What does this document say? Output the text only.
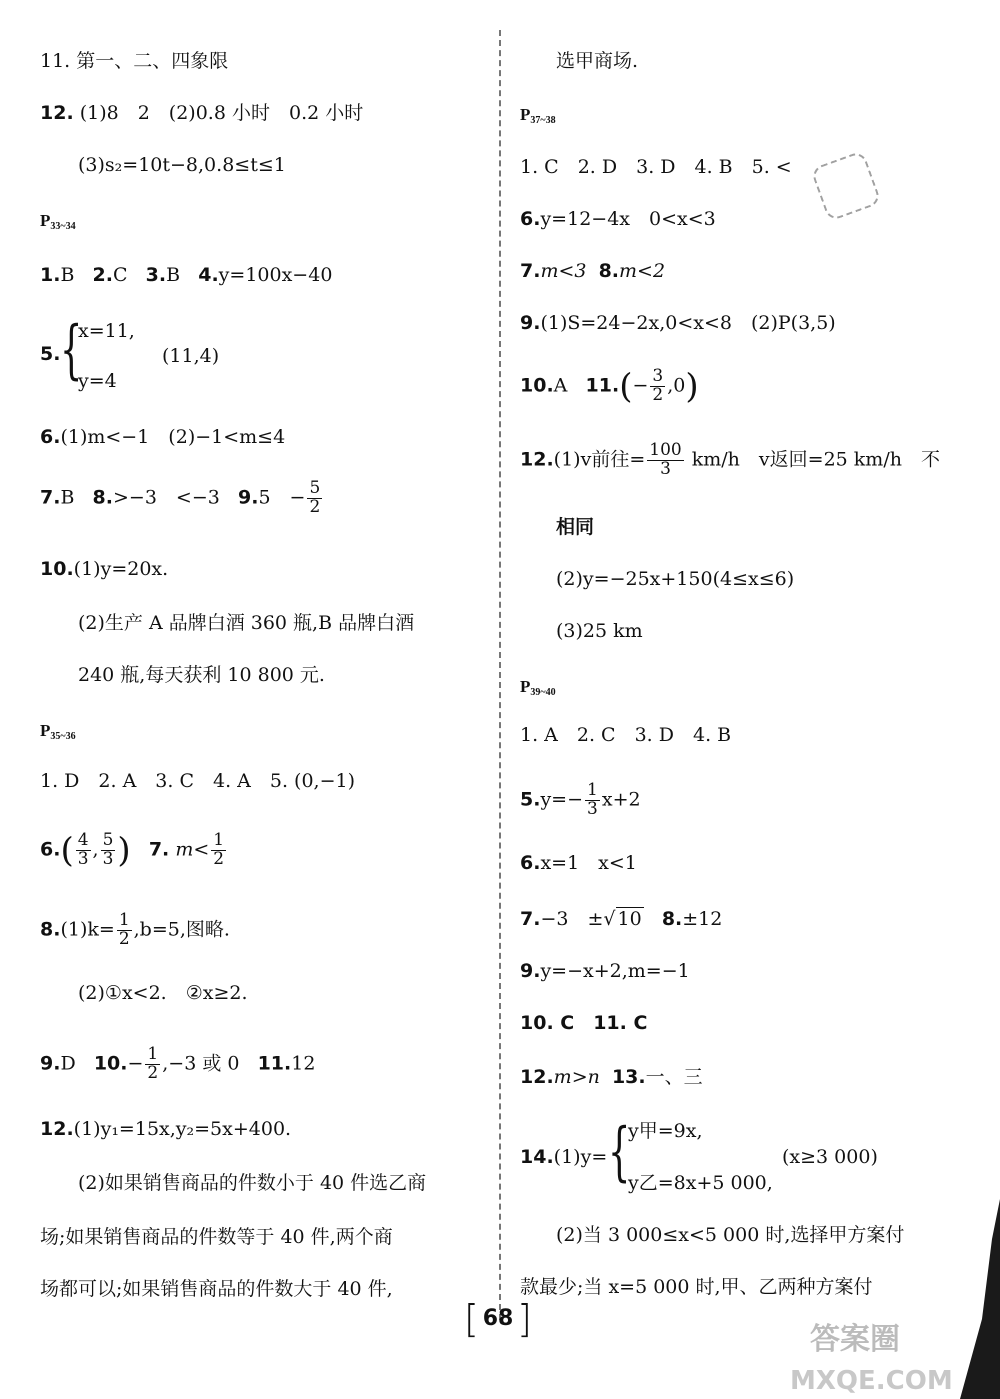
11. 第一、二、四象限
12. (1)8　2　(2)0.8 小时　0.2 小时
(3)s₂=10t−8,0.8≤t≤1
$P_{33\sim 34}$
1.B 2.C 3.B 4.y=100x−40
5. {
x=11,
y=4
(11,4)
6.(1)m<−1　(2)−1<m≤4
7.B 8.>−3　<−3 9.5　− $\frac{5}{2}$
10.(1)y=20x.
(2)生产 A 品牌白酒 360 瓶,B 品牌白酒
240 瓶,每天获利 10 800 元.
$P_{35\sim 36}$
1. D　2. A　3. C　4. A　5. (0,−1)
$6.( \frac{4}{3}$ , $\frac{5}{3}$ ) 7. $m< \frac{1}{2}$
$8.(1)k= \frac{1}{2} ,b=5$,图略.
(2)①x<2.　②x≥2.
9.D $10.- \frac{1}{2} ,-3$ 或 0 11.12
12.(1)y₁=15x,y₂=5x+400.
(2)如果销售商品的件数小于 40 件选乙商
场;如果销售商品的件数等于 40 件,两个商
场都可以;如果销售商品的件数大于 40 件,
选甲商场.
$P_{37\sim 38}$
1. C　2. D　3. D　4. B　5. <
6.y=12−4x　0<x<3
7.m<3 8.m<2
9.(1)S=24−2x,0<x<8　(2)P(3,5)
10.A $11.(- \frac{3}{2} ,0)$
12.(1)v前往= $\frac{100}{3} km/h$　v返回=25 km/h　不
相同
(2)y=−25x+150(4≤x≤6)
(3)25 km
$P_{39\sim 40}$
1. A　2. C　3. D　4. B
$5.y=- \frac{1}{3} x+2$
6.x=1　x<1
7.−3　±√ 10 8.±12
9.y=−x+2,m=−1
10. C　11. C
12.m>n 13.一、三
14.(1)y= {
y甲=9x,
y乙=8x+5 000,
(x≥3 000)
(2)当 3 000≤x<5 000 时,选择甲方案付
款最少;当 x=5 000 时,甲、乙两种方案付
[ 68 ]	答案圈
MXQE.COM
